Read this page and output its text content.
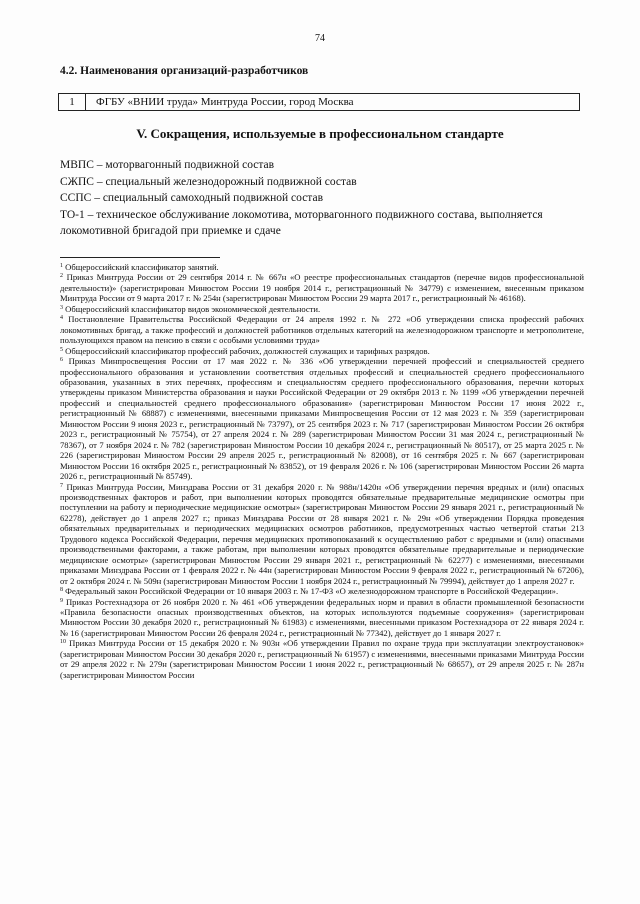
74
4.2. Наименования организаций-разработчиков
1	ФГБУ «ВНИИ труда» Минтруда России, город Москва
V. Сокращения, используемые в профессиональном стандарте

МВПС – моторвагонный подвижной состав

СЖПС – специальный железнодорожный подвижной состав

ССПС – специальный самоходный подвижной состав

ТО-1 – техническое обслуживание локомотива, моторвагонного подвижного состава, выполняется локомотивной бригадой при приемке и сдаче

$^1$ Общероссийский классификатор занятий.

$^2$ Приказ Минтруда России от 29 сентября 2014 г. № 667н «О реестре профессиональных стандартов (перечне видов профессиональной деятельности)» (зарегистрирован Минюстом России 19 ноября 2014 г., регистрационный № 34779) с изменением, внесенным приказом Минтруда России от 9 марта 2017 г. № 254н (зарегистрирован Минюстом России 29 марта 2017 г., регистрационный № 46168).

$^3$ Общероссийский классификатор видов экономической деятельности.

$^4$ Постановление Правительства Российской Федерации от 24 апреля 1992 г. № 272 «Об утверждении списка профессий рабочих локомотивных бригад, а также профессий и должностей работников отдельных категорий на железнодорожном транспорте и метрополитене, пользующихся правом на пенсию в связи с особыми условиями труда»

$^5$ Общероссийский классификатор профессий рабочих, должностей служащих и тарифных разрядов.

$^6$ Приказ Минпросвещения России от 17 мая 2022 г. № 336 «Об утверждении перечней профессий и специальностей среднего профессионального образования и установлении соответствия отдельных профессий и специальностей среднего профессионального образования, указанных в этих перечнях, профессиям и специальностям среднего профессионального образования, перечни которых утверждены приказом Министерства образования и науки Российской Федерации от 29 октября 2013 г. № 1199 «Об утверждении перечней профессий и специальностей среднего профессионального образования» (зарегистрирован Минюстом России 17 июня 2022 г., регистрационный № 68887) с изменениями, внесенными приказами Минпросвещения России от 12 мая 2023 г. № 359 (зарегистрирован Минюстом России 9 июня 2023 г., регистрационный № 73797), от 25 сентября 2023 г. № 717 (зарегистрирован Минюстом России 26 октября 2023 г., регистрационный № 75754), от 27 апреля 2024 г. № 289 (зарегистрирован Минюстом России 31 мая 2024 г., регистрационный № 78367), от 7 ноября 2024 г. № 782 (зарегистрирован Минюстом России 10 декабря 2024 г., регистрационный № 80517), от 25 марта 2025 г. № 226 (зарегистрирован Минюстом России 29 апреля 2025 г., регистрационный № 82008), от 16 сентября 2025 г. № 667 (зарегистрирован Минюстом России 16 октября 2025 г., регистрационный № 83852), от 19 февраля 2026 г. № 106 (зарегистрирован Минюстом России 26 марта 2026 г., регистрационный № 85749).

$^7$ Приказ Минтруда России, Минздрава России от 31 декабря 2020 г. № 988н/1420н «Об утверждении перечня вредных и (или) опасных производственных факторов и работ, при выполнении которых проводятся обязательные предварительные медицинские осмотры при поступлении на работу и периодические медицинские осмотры» (зарегистрирован Минюстом России 29 января 2021 г., регистрационный № 62278), действует до 1 апреля 2027 г.; приказ Минздрава России от 28 января 2021 г. № 29н «Об утверждении Порядка проведения обязательных предварительных и периодических медицинских осмотров работников, предусмотренных частью четвертой статьи 213 Трудового кодекса Российской Федерации, перечня медицинских противопоказаний к осуществлению работ с вредными и (или) опасными производственными факторами, а также работам, при выполнении которых проводятся обязательные предварительные и периодические медицинские осмотры» (зарегистрирован Минюстом России 29 января 2021 г., регистрационный № 62277) с изменениями, внесенными приказами Минздрава России от 1 февраля 2022 г. № 44н (зарегистрирован Минюстом России 9 февраля 2022 г., регистрационный № 67206), от 2 октября 2024 г. № 509н (зарегистрирован Минюстом России 1 ноября 2024 г., регистрационный № 79994), действует до 1 апреля 2027 г.

$^8$ Федеральный закон Российской Федерации от 10 января 2003 г. № 17-ФЗ «О железнодорожном транспорте в Российской Федерации».

$^9$ Приказ Ростехнадзора от 26 ноября 2020 г. № 461 «Об утверждении федеральных норм и правил в области промышленной безопасности «Правила безопасности опасных производственных объектов, на которых используются подъемные сооружения» (зарегистрирован Минюстом России 30 декабря 2020 г., регистрационный № 61983) с изменениями, внесенными приказом Ростехнадзора от 22 января 2024 г. № 16 (зарегистрирован Минюстом России 26 февраля 2024 г., регистрационный № 77342), действует до 1 января 2027 г.

$^{10}$ Приказ Минтруда России от 15 декабря 2020 г. № 903н «Об утверждении Правил по охране труда при эксплуатации электроустановок» (зарегистрирован Минюстом России 30 декабря 2020 г., регистрационный № 61957) с изменениями, внесенными приказами Минтруда России от 29 апреля 2022 г. № 279н (зарегистрирован Минюстом России 1 июня 2022 г., регистрационный № 68657), от 29 апреля 2025 г. № 287н (зарегистрирован Минюстом России
